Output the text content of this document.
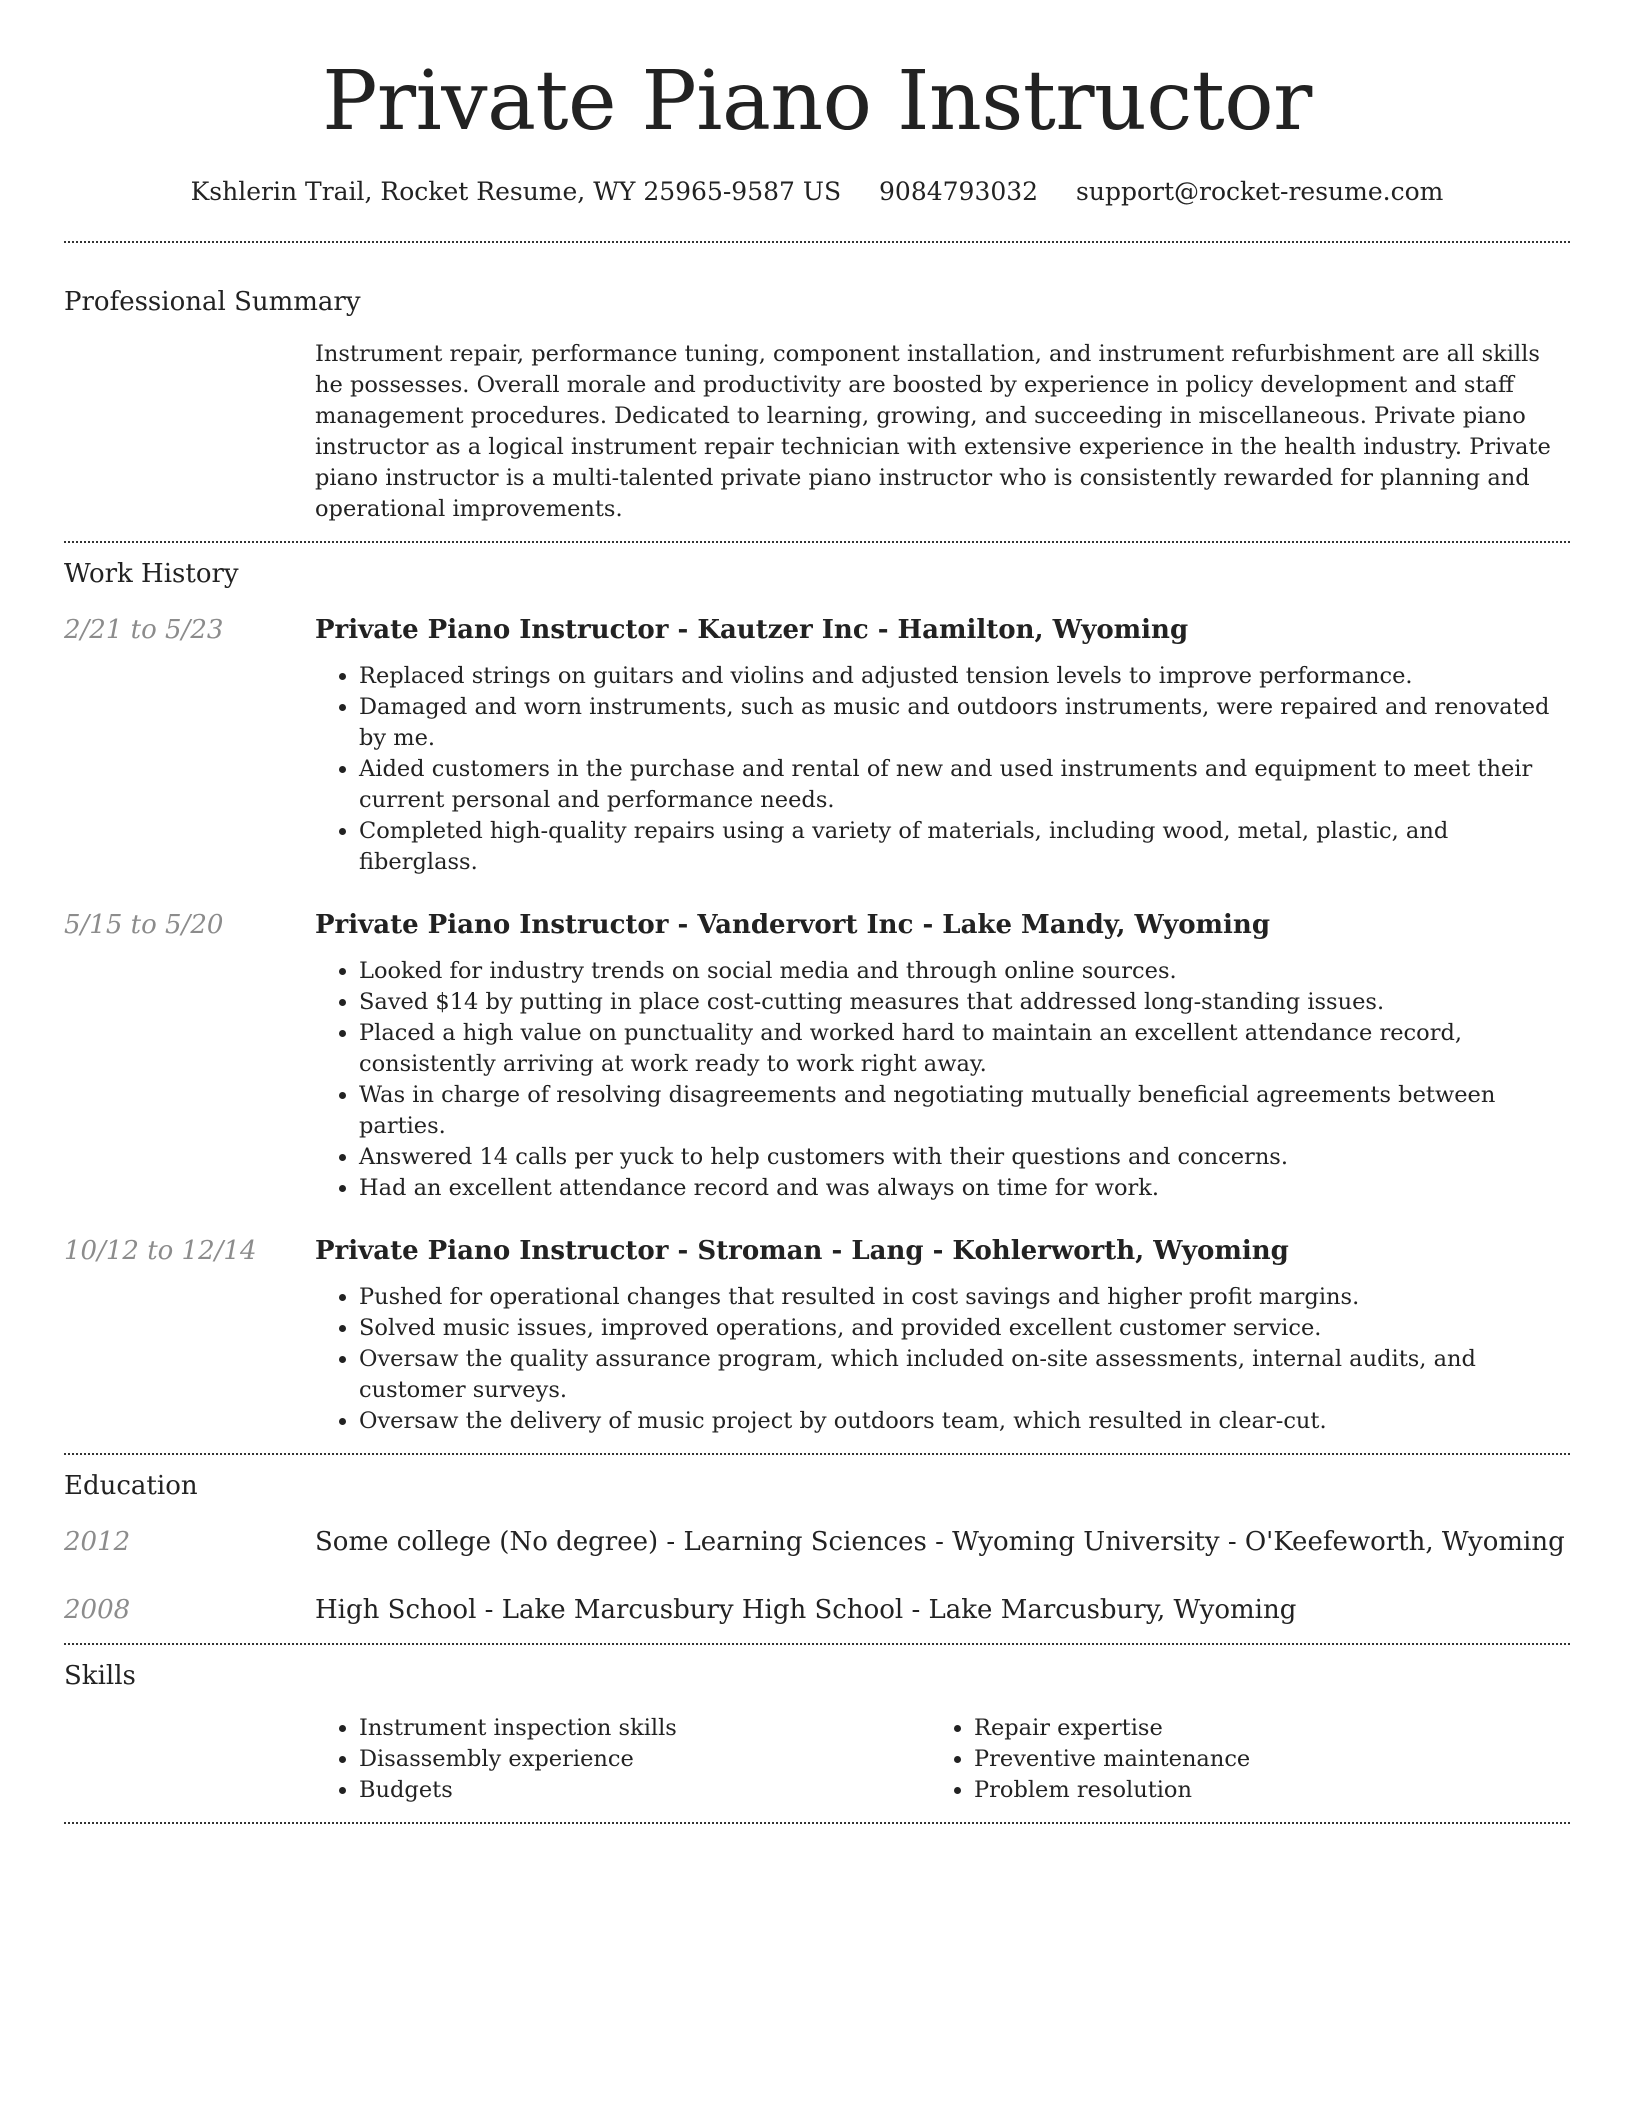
Private Piano Instructor
Kshlerin Trail, Rocket Resume, WY 25965-9587 US 9084793032 support@rocket-resume.com
Professional Summary

Instrument repair, performance tuning, component installation, and instrument refurbishment are all skills he possesses. Overall morale and productivity are boosted by experience in policy development and staff management procedures. Dedicated to learning, growing, and succeeding in miscellaneous. Private piano instructor as a logical instrument repair technician with extensive experience in the health industry. Private piano instructor is a multi-talented private piano instructor who is consistently rewarded for planning and operational improvements.

Work History
2/21 to 5/23	Private Piano Instructor - Kautzer Inc - Hamilton, Wyoming
• Replaced strings on guitars and violins and adjusted tension levels to improve performance.
• Damaged and worn instruments, such as music and outdoors instruments, were repaired and renovated by me.
• Aided customers in the purchase and rental of new and used instruments and equipment to meet their current personal and performance needs.
• Completed high-quality repairs using a variety of materials, including wood, metal, plastic, and fiberglass.
5/15 to 5/20	Private Piano Instructor - Vandervort Inc - Lake Mandy, Wyoming
• Looked for industry trends on social media and through online sources.
• Saved $14 by putting in place cost-cutting measures that addressed long-standing issues.
• Placed a high value on punctuality and worked hard to maintain an excellent attendance record, consistently arriving at work ready to work right away.
• Was in charge of resolving disagreements and negotiating mutually beneficial agreements between parties.
• Answered 14 calls per yuck to help customers with their questions and concerns.
• Had an excellent attendance record and was always on time for work.
10/12 to 12/14	Private Piano Instructor - Stroman - Lang - Kohlerworth, Wyoming
• Pushed for operational changes that resulted in cost savings and higher profit margins.
• Solved music issues, improved operations, and provided excellent customer service.
• Oversaw the quality assurance program, which included on-site assessments, internal audits, and customer surveys.
• Oversaw the delivery of music project by outdoors team, which resulted in clear-cut.
Education
2012	Some college (No degree) - Learning Sciences - Wyoming University - O'Keefeworth, Wyoming

2008	High School - Lake Marcusbury High School - Lake Marcusbury, Wyoming

Skills
• Instrument inspection skills
• Disassembly experience
• Budgets
• Repair expertise
• Preventive maintenance
• Problem resolution
